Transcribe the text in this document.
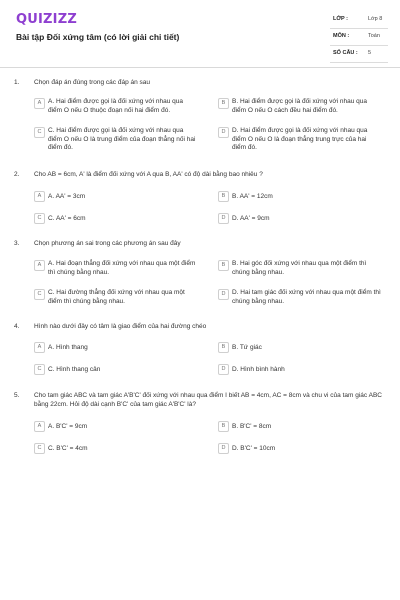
QUIZIZZ
Bài tập Đối xứng tâm (có lời giải chi tiết)
LỚP :	Lớp 8
MÔN :	Toán
SỐ CÂU : 5
1. Chọn đáp án đúng trong các đáp án sau
A	A. Hai điểm được gọi là đối xứng với nhau qua điểm O nếu O thuộc đoạn nối hai điểm đó.
B	B. Hai điểm được gọi là đối xứng với nhau qua điểm O nếu O cách đều hai điểm đó.
C	C. Hai điểm được gọi là đối xứng với nhau qua điểm O nếu O là trung điểm của đoạn thẳng nối hai điểm đó.
D	D. Hai điểm được gọi là đối xứng với nhau qua điểm O nếu O là đoạn thẳng trung trực của hai điểm đó.
2. Cho AB = 6cm, A' là điểm đối xứng với A qua B, AA' có độ dài bằng bao nhiêu ?
A	A. AA' = 3cm	B	B. AA' = 12cm
C	C. AA' = 6cm	D	D. AA' = 9cm
3. Chọn phương án sai trong các phương án sau đây
A	A. Hai đoạn thẳng đối xứng với nhau qua một điểm thì chúng bằng nhau.
B	B. Hai góc đối xứng với nhau qua một điểm thì chúng bằng nhau.
C	C. Hai đường thẳng đối xứng với nhau qua một điểm thì chúng bằng nhau.
D	D. Hai tam giác đối xứng với nhau qua một điểm thì chúng bằng nhau.
4. Hình nào dưới đây có tâm là giao điểm của hai đường chéo
A	A. Hình thang	B	B. Tứ giác
C	C. Hình thang cân	D	D. Hình bình hành
5. Cho tam giác ABC và tam giác A'B'C' đối xứng với nhau qua điểm I biết AB = 4cm, AC = 8cm và chu vi của tam giác ABC bằng 22cm. Hỏi độ dài cạnh B'C' của tam giác A'B'C' là?
A	A. B'C' = 9cm	B	B. B'C' = 8cm
C	C. B'C' = 4cm	D	D. B'C' = 10cm
